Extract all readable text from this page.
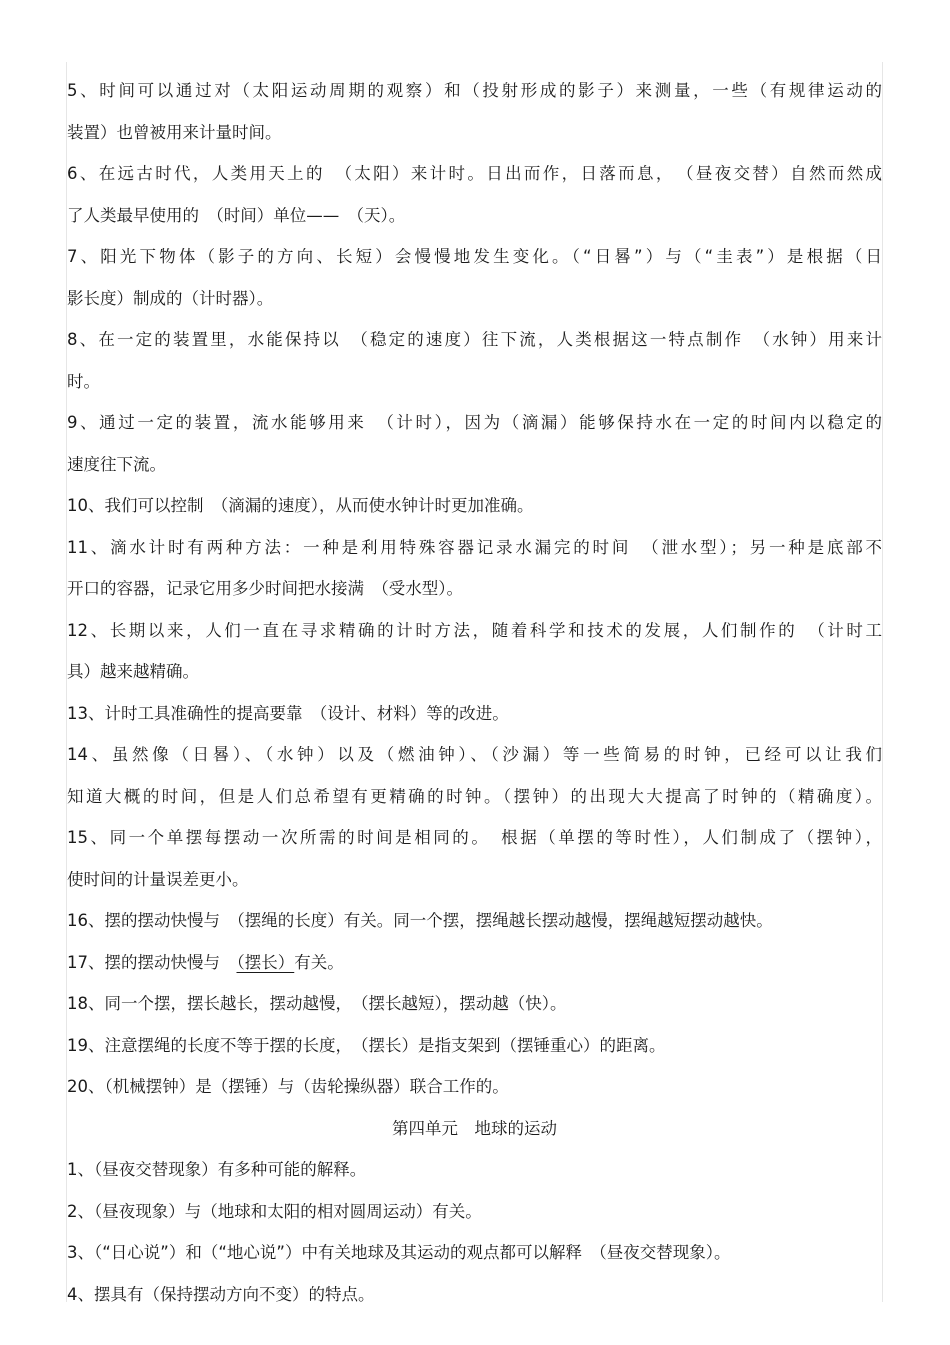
5、时间可以通过对（太阳运动周期的观察）和（投射形成的影子）来测量，一些（有规律运动的
装置）也曾被用来计量时间。
6、在远古时代，人类用天上的　（太阳）来计时。日出而作，日落而息，　（昼夜交替）自然而然成
了人类最早使用的　（时间）单位——　（天）。
7、阳光下物体（影子的方向、长短）会慢慢地发生变化。（“日晷”）与（“圭表”）是根据（日
影长度）制成的（计时器）。
8、在一定的装置里，水能保持以　（稳定的速度）往下流，人类根据这一特点制作　（水钟）用来计
时。
9、通过一定的装置，流水能够用来　（计时），因为（滴漏）能够保持水在一定的时间内以稳定的
速度往下流。
10、我们可以控制　（滴漏的速度），从而使水钟计时更加准确。
11、滴水计时有两种方法：一种是利用特殊容器记录水漏完的时间　（泄水型）；另一种是底部不
开口的容器，记录它用多少时间把水接满　（受水型）。
12、长期以来，人们一直在寻求精确的计时方法，随着科学和技术的发展，人们制作的　（计时工
具）越来越精确。
13、计时工具准确性的提高要靠　（设计、材料）等的改进。
14、虽然像（日晷）、（水钟）以及（燃油钟）、（沙漏）等一些简易的时钟，已经可以让我们
知道大概的时间，但是人们总希望有更精确的时钟。（摆钟）的出现大大提高了时钟的（精确度）。
15、同一个单摆每摆动一次所需的时间是相同的。　根据（单摆的等时性），人们制成了（摆钟），
使时间的计量误差更小。
16、摆的摆动快慢与　（摆绳的长度）有关。同一个摆，摆绳越长摆动越慢，摆绳越短摆动越快。
17、摆的摆动快慢与　（摆长）有关。
18、同一个摆，摆长越长，摆动越慢，　（摆长越短），摆动越（快）。
19、注意摆绳的长度不等于摆的长度，　（摆长）是指支架到（摆锤重心）的距离。
20、（机械摆钟）是（摆锤）与（齿轮操纵器）联合工作的。
第四单元　地球的运动
1、（昼夜交替现象）有多种可能的解释。
2、（昼夜现象）与（地球和太阳的相对圆周运动）有关。
3、（“日心说”）和（“地心说”）中有关地球及其运动的观点都可以解释　（昼夜交替现象）。
4、摆具有（保持摆动方向不变）的特点。
